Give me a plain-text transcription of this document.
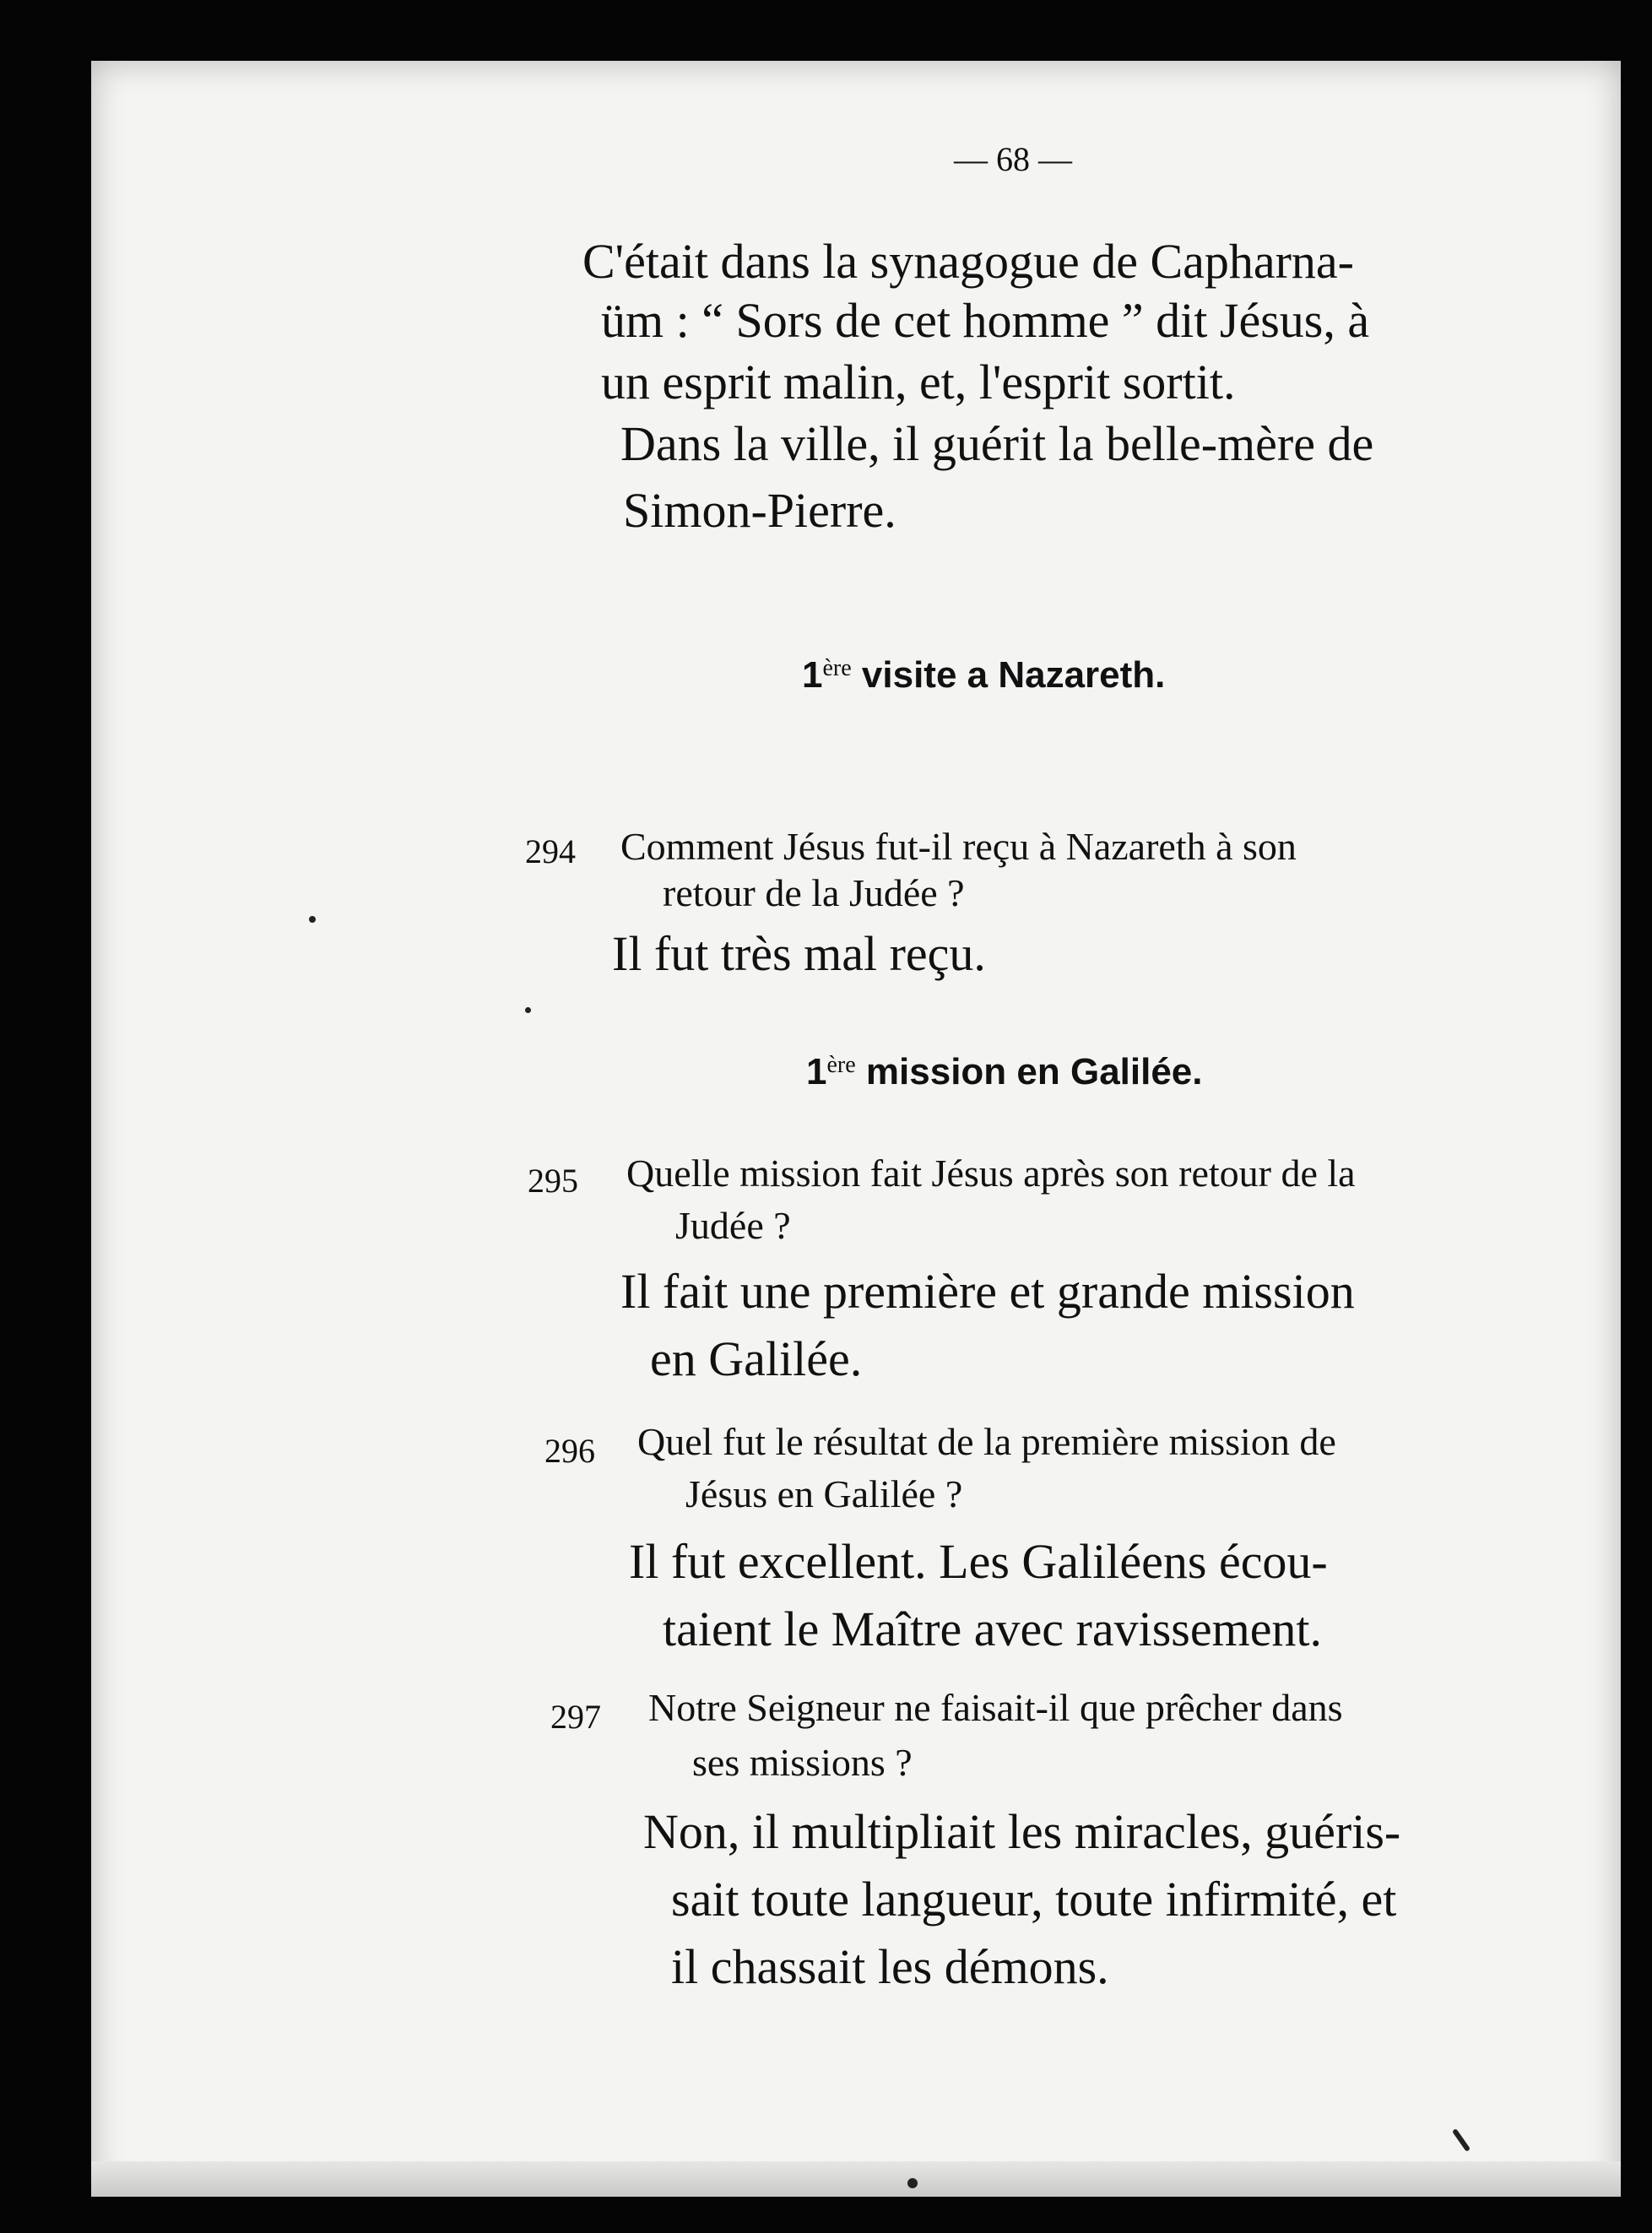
— 68 —
C'était dans la synagogue de Capharna-
üm : “ Sors de cet homme ” dit Jésus, à
un esprit malin, et, l'esprit sortit.
Dans la ville, il guérit la belle-mère de
Simon-Pierre.
1ère visite a Nazareth.
294 Comment Jésus fut-il reçu à Nazareth à son
retour de la Judée ?
Il fut très mal reçu.
1ère mission en Galilée.
295 Quelle mission fait Jésus après son retour de la
Judée ?
Il fait une première et grande mission
en Galilée.
296 Quel fut le résultat de la première mission de
Jésus en Galilée ?
Il fut excellent. Les Galiléens écou-
taient le Maître avec ravissement.
297 Notre Seigneur ne faisait-il que prêcher dans
ses missions ?
Non, il multipliait les miracles, guéris-
sait toute langueur, toute infirmité, et
il chassait les démons.
